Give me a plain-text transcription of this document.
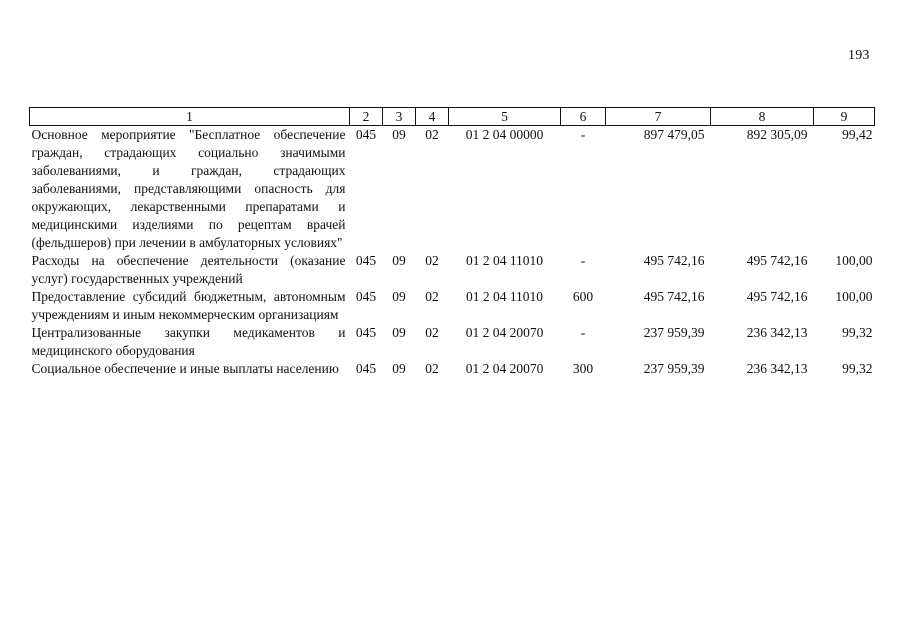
193
1	2	3	4	5	6	7	8	9
Основное мероприятие "Бесплатное обеспечение граждан, страдающих социально значимыми заболеваниями, и граждан, страдающих заболеваниями, представляющими опасность для окружающих, лекарственными препаратами и медицинскими изделиями по рецептам врачей (фельдшеров) при лечении в амбулаторных условиях"	045	09	02	01 2 04 00000	-	897 479,05	892 305,09	99,42
Расходы на обеспечение деятельности (оказание услуг) государственных учреждений	045	09	02	01 2 04 11010	-	495 742,16	495 742,16	100,00
Предоставление субсидий бюджетным, автономным учреждениям и иным некоммерческим организациям	045	09	02	01 2 04 11010	600	495 742,16	495 742,16	100,00
Централизованные закупки медикаментов и медицинского оборудования	045	09	02	01 2 04 20070	-	237 959,39	236 342,13	99,32
Социальное обеспечение и иные выплаты населению	045	09	02	01 2 04 20070	300	237 959,39	236 342,13	99,32
